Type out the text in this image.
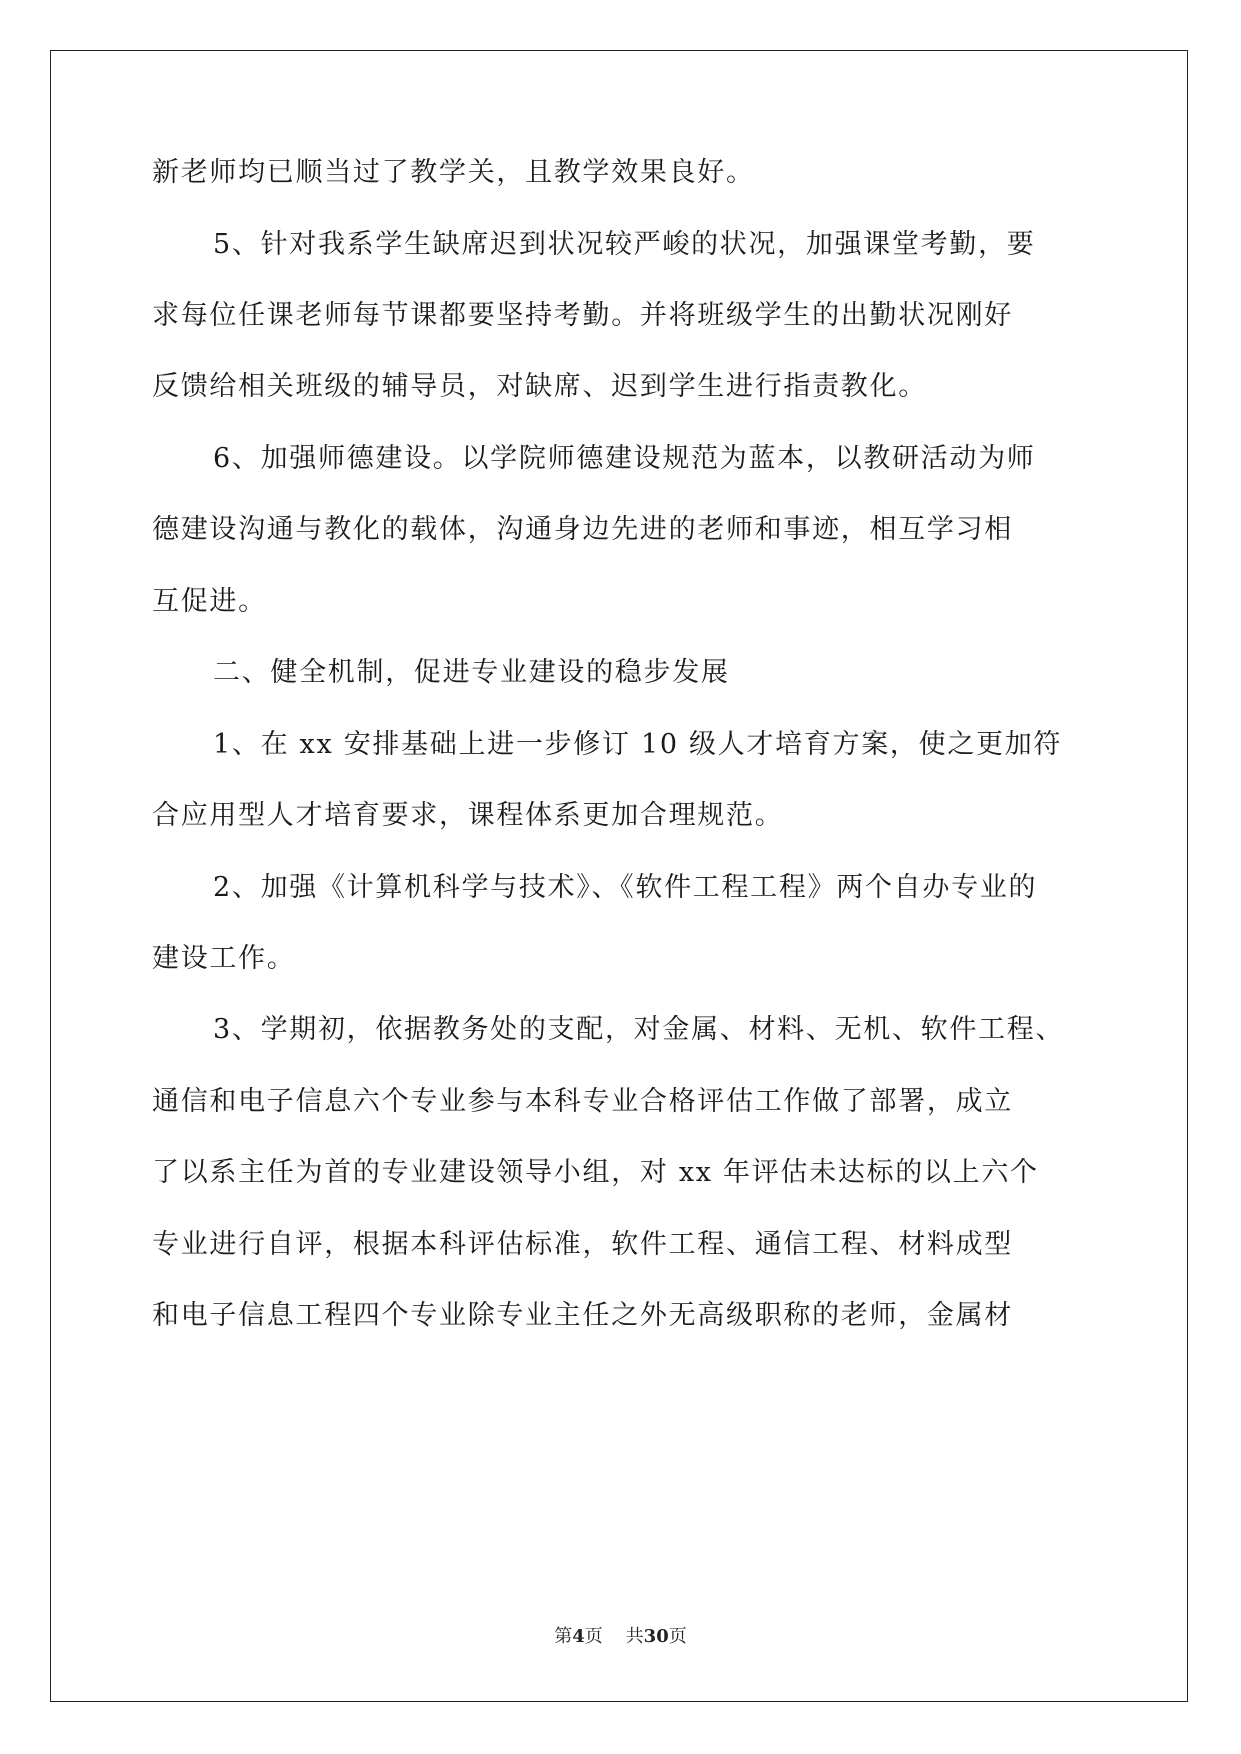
新老师均已顺当过了教学关，且教学效果良好。
5、针对我系学生缺席迟到状况较严峻的状况，加强课堂考勤，要
求每位任课老师每节课都要坚持考勤。并将班级学生的出勤状况刚好
反馈给相关班级的辅导员，对缺席、迟到学生进行指责教化。
6、加强师德建设。以学院师德建设规范为蓝本，以教研活动为师
德建设沟通与教化的载体，沟通身边先进的老师和事迹，相互学习相
互促进。
二、健全机制，促进专业建设的稳步发展
1、在 xx 安排基础上进一步修订 10 级人才培育方案，使之更加符
合应用型人才培育要求，课程体系更加合理规范。
2、加强《计算机科学与技术》、《软件工程工程》两个自办专业的
建设工作。
3、学期初，依据教务处的支配，对金属、材料、无机、软件工程、
通信和电子信息六个专业参与本科专业合格评估工作做了部署，成立
了以系主任为首的专业建设领导小组，对 xx 年评估未达标的以上六个
专业进行自评，根据本科评估标准，软件工程、通信工程、材料成型
和电子信息工程四个专业除专业主任之外无高级职称的老师，金属材
第4页 共30页
